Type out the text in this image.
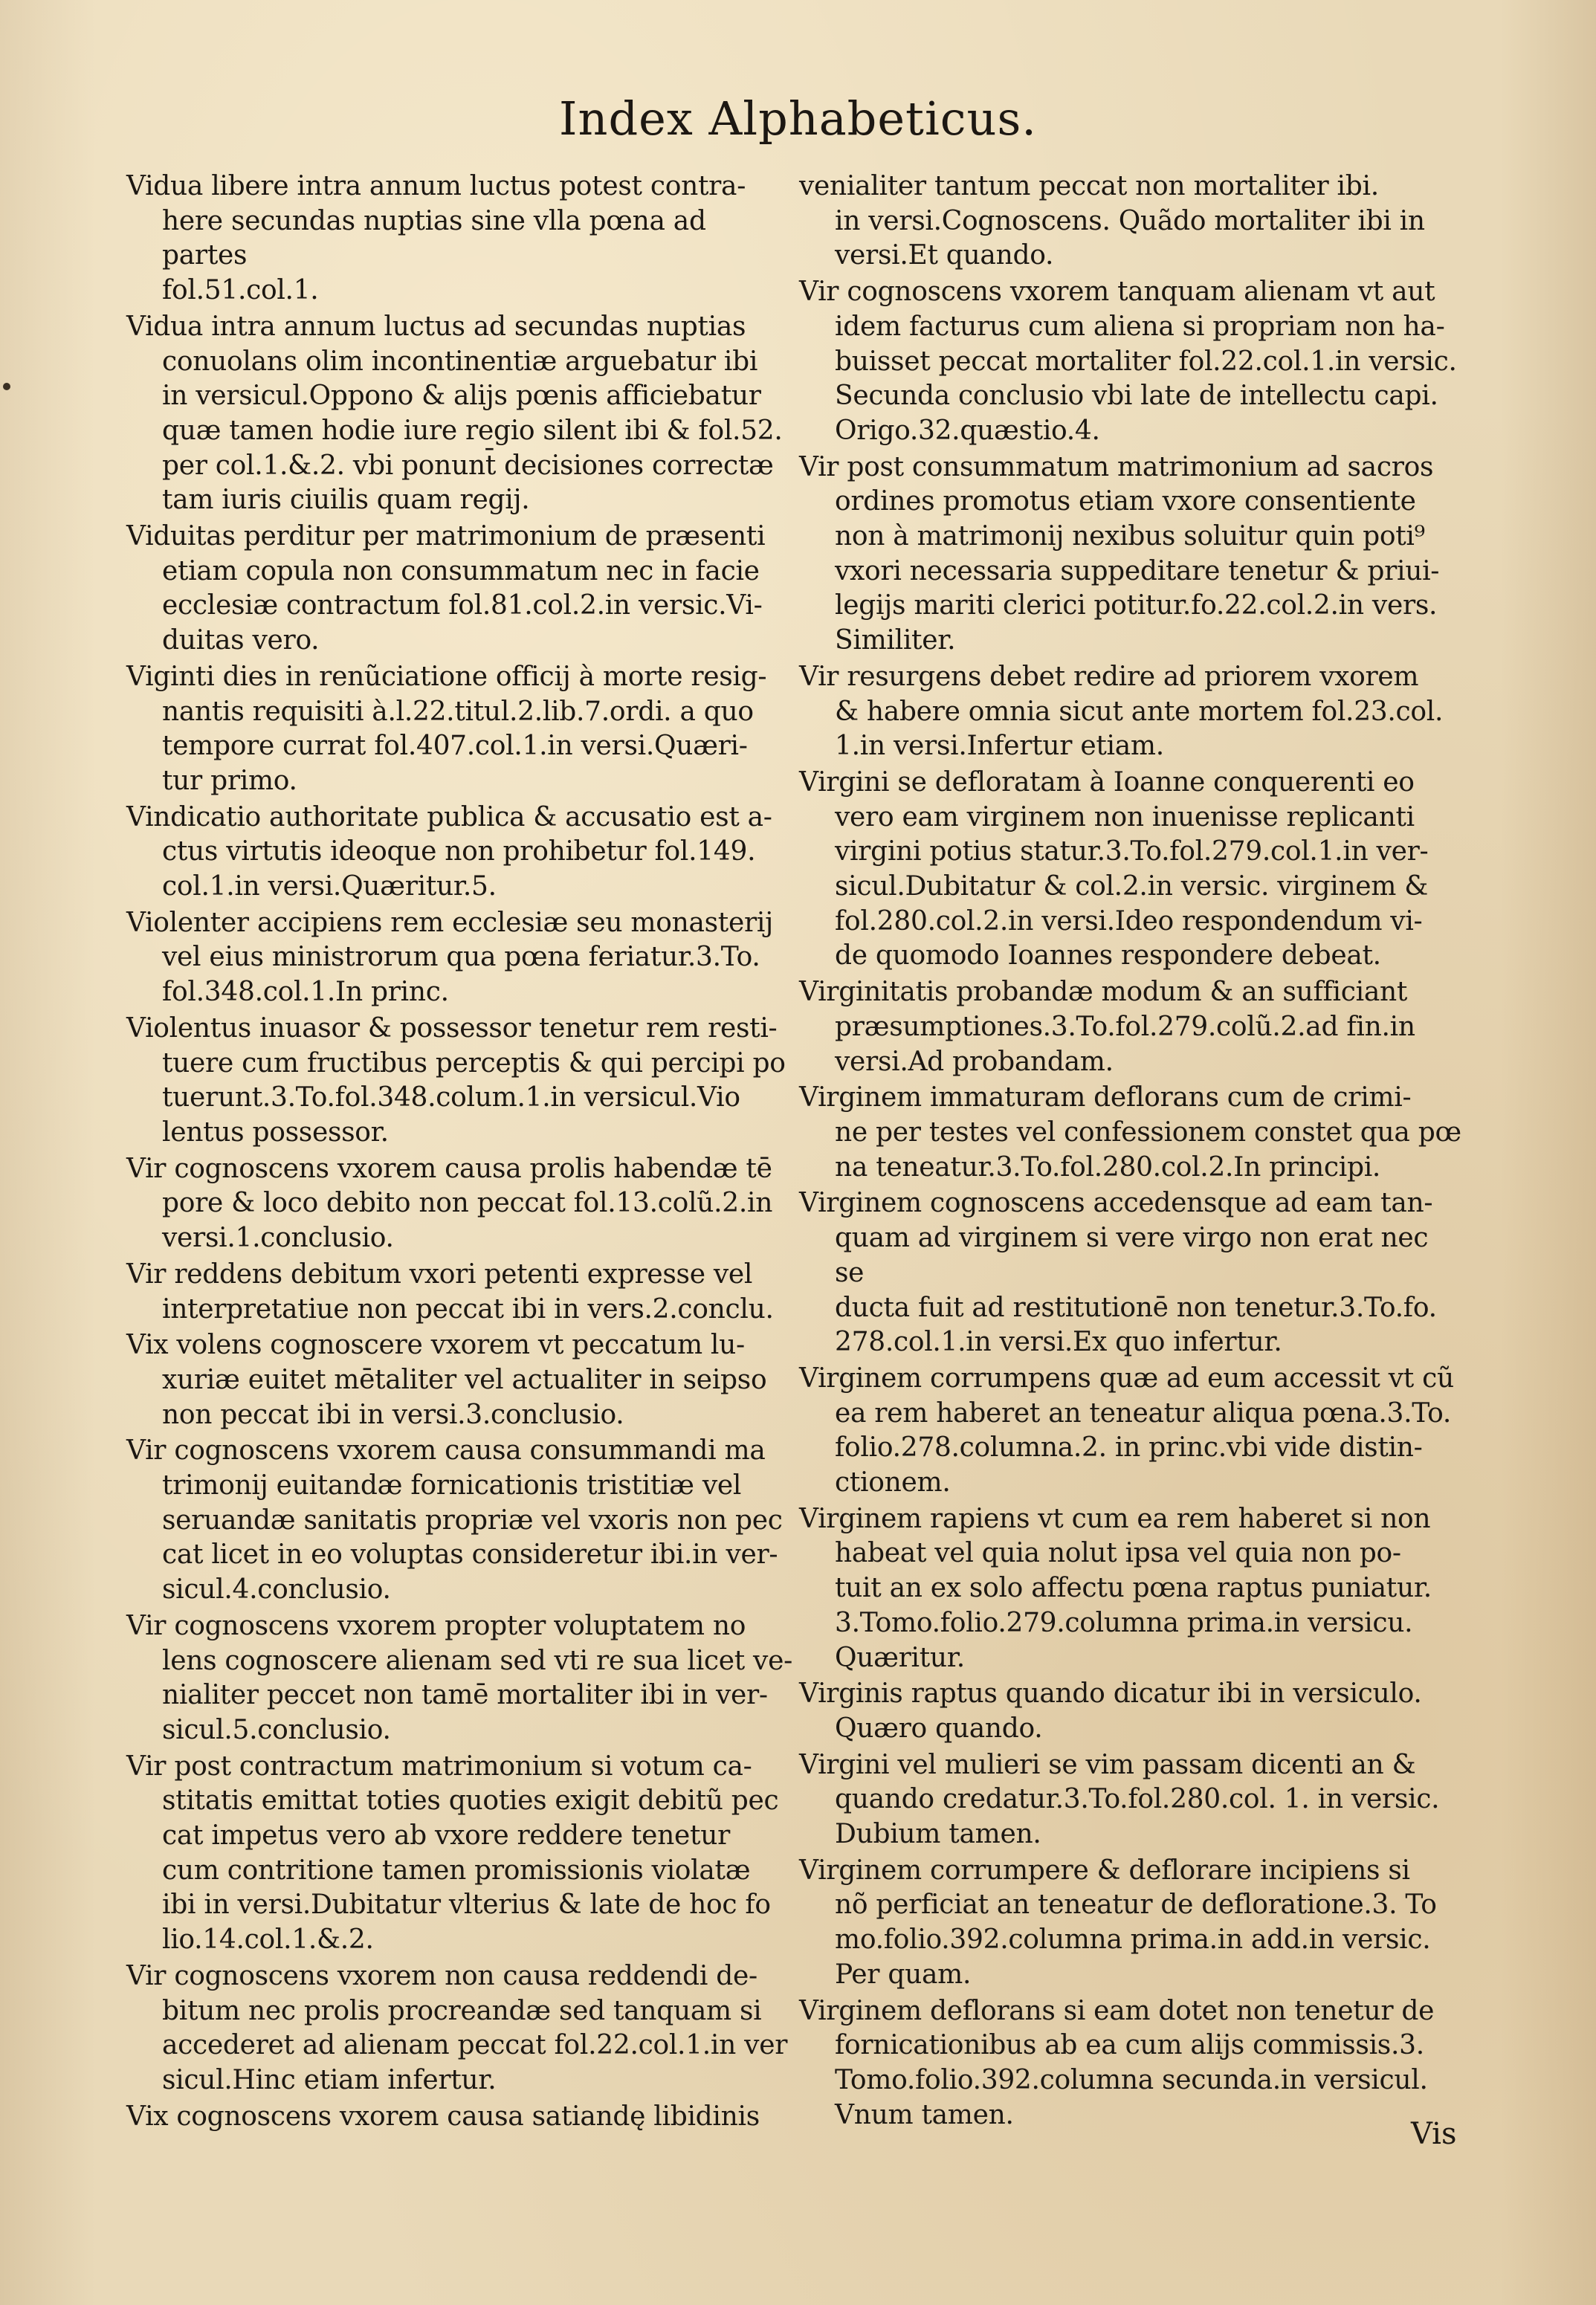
Index Alphabeticus.
Vidua libere intra annum luctus potest contra-
here secundas nuptias sine vlla pœna ad partes
fol.51.col.1.
Vidua intra annum luctus ad secundas nuptias
conuolans olim incontinentiæ arguebatur ibi
in versicul.Oppono & alijs pœnis afficiebatur
quæ tamen hodie iure regio silent ibi & fol.52.
per col.1.&.2. vbi ponunt̄ decisiones correctæ
tam iuris ciuilis quam regij.
Viduitas perditur per matrimonium de præsenti
etiam copula non consummatum nec in facie
ecclesiæ contractum fol.81.col.2.in versic.Vi-
duitas vero.
Viginti dies in renũciatione officij à morte resig-
nantis requisiti à.l.22.titul.2.lib.7.ordi. a quo
tempore currat fol.407.col.1.in versi.Quæri-
tur primo.
Vindicatio authoritate publica & accusatio est a-
ctus virtutis ideoque non prohibetur fol.149.
col.1.in versi.Quæritur.5.
Violenter accipiens rem ecclesiæ seu monasterij
vel eius ministrorum qua pœna feriatur.3.To.
fol.348.col.1.In princ.
Violentus inuasor & possessor tenetur rem resti-
tuere cum fructibus perceptis & qui percipi po
tuerunt.3.To.fol.348.colum.1.in versicul.Vio
lentus possessor.
Vir cognoscens vxorem causa prolis habendæ tē
pore & loco debito non peccat fol.13.colũ.2.in
versi.1.conclusio.
Vir reddens debitum vxori petenti expresse vel
interpretatiue non peccat ibi in vers.2.conclu.
Vix volens cognoscere vxorem vt peccatum lu-
xuriæ euitet mētaliter vel actualiter in seipso
non peccat ibi in versi.3.conclusio.
Vir cognoscens vxorem causa consummandi ma
trimonij euitandæ fornicationis tristitiæ vel
seruandæ sanitatis propriæ vel vxoris non pec
cat licet in eo voluptas consideretur ibi.in ver-
sicul.4.conclusio.
Vir cognoscens vxorem propter voluptatem no
lens cognoscere alienam sed vti re sua licet ve-
nialiter peccet non tamē mortaliter ibi in ver-
sicul.5.conclusio.
Vir post contractum matrimonium si votum ca-
stitatis emittat toties quoties exigit debitũ pec
cat impetus vero ab vxore reddere tenetur
cum contritione tamen promissionis violatæ
ibi in versi.Dubitatur vlterius & late de hoc fo
lio.14.col.1.&.2.
Vir cognoscens vxorem non causa reddendi de-
bitum nec prolis procreandæ sed tanquam si
accederet ad alienam peccat fol.22.col.1.in ver
sicul.Hinc etiam infertur.
Vix cognoscens vxorem causa satiandę libidinis
venialiter tantum peccat non mortaliter ibi.
in versi.Cognoscens. Quãdo mortaliter ibi in
versi.Et quando.
Vir cognoscens vxorem tanquam alienam vt aut
idem facturus cum aliena si propriam non ha-
buisset peccat mortaliter fol.22.col.1.in versic.
Secunda conclusio vbi late de intellectu capi.
Origo.32.quæstio.4.
Vir post consummatum matrimonium ad sacros
ordines promotus etiam vxore consentiente
non à matrimonij nexibus soluitur quin poti⁹
vxori necessaria suppeditare tenetur & priui-
legijs mariti clerici potitur.fo.22.col.2.in vers.
Similiter.
Vir resurgens debet redire ad priorem vxorem
& habere omnia sicut ante mortem fol.23.col.
1.in versi.Infertur etiam.
Virgini se defloratam à Ioanne conquerenti eo
vero eam virginem non inuenisse replicanti
virgini potius statur.3.To.fol.279.col.1.in ver-
sicul.Dubitatur & col.2.in versic. virginem &
fol.280.col.2.in versi.Ideo respondendum vi-
de quomodo Ioannes respondere debeat.
Virginitatis probandæ modum & an sufficiant
præsumptiones.3.To.fol.279.colũ.2.ad fin.in
versi.Ad probandam.
Virginem immaturam deflorans cum de crimi-
ne per testes vel confessionem constet qua pœ
na teneatur.3.To.fol.280.col.2.In principi.
Virginem cognoscens accedensque ad eam tan-
quam ad virginem si vere virgo non erat nec se
ducta fuit ad restitutionē non tenetur.3.To.fo.
278.col.1.in versi.Ex quo infertur.
Virginem corrumpens quæ ad eum accessit vt cũ
ea rem haberet an teneatur aliqua pœna.3.To.
folio.278.columna.2. in princ.vbi vide distin-
ctionem.
Virginem rapiens vt cum ea rem haberet si non
habeat vel quia nolut ipsa vel quia non po-
tuit an ex solo affectu pœna raptus puniatur.
3.Tomo.folio.279.columna prima.in versicu.
Quæritur.
Virginis raptus quando dicatur ibi in versiculo.
Quæro quando.
Virgini vel mulieri se vim passam dicenti an &
quando credatur.3.To.fol.280.col. 1. in versic.
Dubium tamen.
Virginem corrumpere & deflorare incipiens si
nõ perficiat an teneatur de defloratione.3. To
mo.folio.392.columna prima.in add.in versic.
Per quam.
Virginem deflorans si eam dotet non tenetur de
fornicationibus ab ea cum alijs commissis.3.
Tomo.folio.392.columna secunda.in versicul.
Vnum tamen.

Vis
